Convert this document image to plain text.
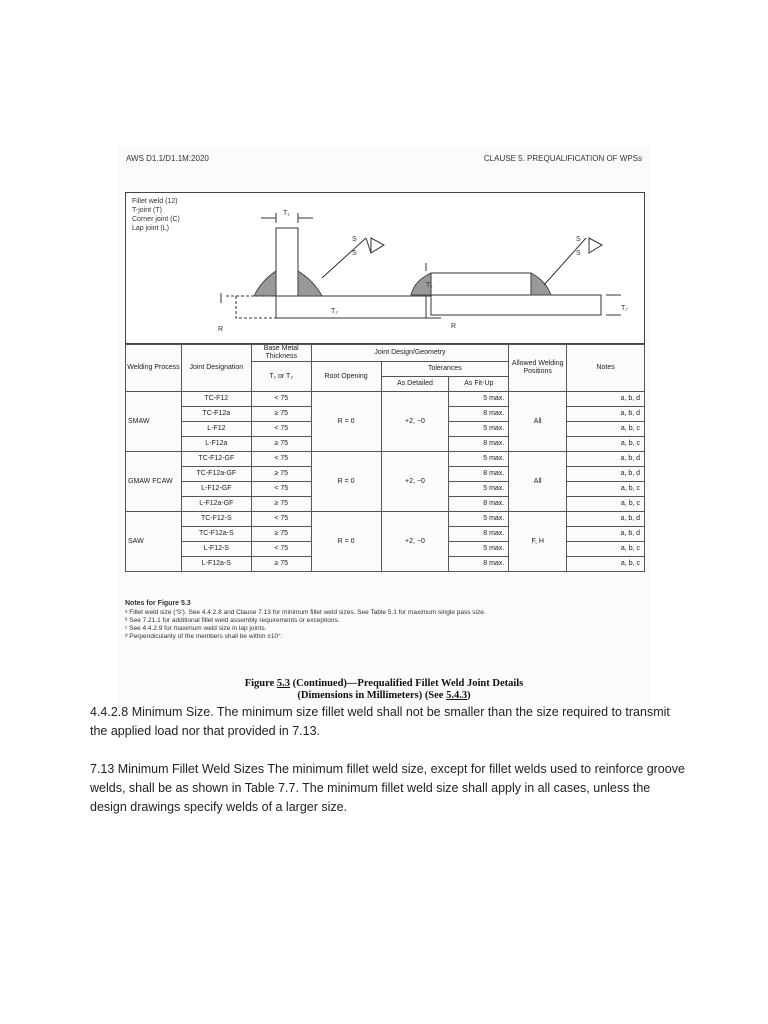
AWS D1.1/D1.1M:2020	CLAUSE 5. PREQUALIFICATION OF WPSs
Fillet weld (12)
T-joint (T)
Corner joint (C)
Lap joint (L)
T₁
R
T₂
S
S
T₁
R
T₂
S
S
Welding Process	Joint Designation	Base Metal Thickness	Joint Design/Geometry			Allowed Welding Positions	Notes
		T₁ or T₂	Root Opening	Tolerances			
				As Detailed	As Fit-Up		
SMAW	TC-F12	< 75	R = 0	+2, −0	5 max.	All	a, b, d
	TC-F12a	≥ 75			8 max.		a, b, d
	L-F12	< 75			5 max.		a, b, c
	L-F12a	≥ 75			8 max.		a, b, c
GMAW FCAW	TC-F12-GF	< 75	R = 0	+2, −0	5 max.	All	a, b, d
	TC-F12a-GF	≥ 75			8 max.		a, b, d
	L-F12-GF	< 75			5 max.		a, b, c
	L-F12a-GF	≥ 75			8 max.		a, b, c
SAW	TC-F12-S	< 75	R = 0	+2, −0	5 max.	F, H	a, b, d
	TC-F12a-S	≥ 75			8 max.		a, b, d
	L-F12-S	< 75			5 max.		a, b, c
	L-F12a-S	≥ 75			8 max.		a, b, c
Notes for Figure 5.3
ᵃ Fillet weld size (‘S’). See 4.4.2.8 and Clause 7.13 for minimum fillet weld sizes. See Table 5.1 for maximum single pass size.
ᵇ See 7.21.1 for additional fillet weld assembly requirements or exceptions.
ᶜ See 4.4.2.9 for maximum weld size in lap joints.
ᵈ Perpendicularity of the members shall be within ±10°.
Figure 5.3 (Continued)—Prequalified Fillet Weld Joint Details
(Dimensions in Millimeters) (See 5.4.3)

4.4.2.8 Minimum Size. The minimum size fillet weld shall not be smaller than the size required to transmit the applied load nor that provided in 7.13.

7.13 Minimum Fillet Weld Sizes The minimum fillet weld size, except for fillet welds used to reinforce groove welds, shall be as shown in Table 7.7. The minimum fillet weld size shall apply in all cases, unless the design drawings specify welds of a larger size.
